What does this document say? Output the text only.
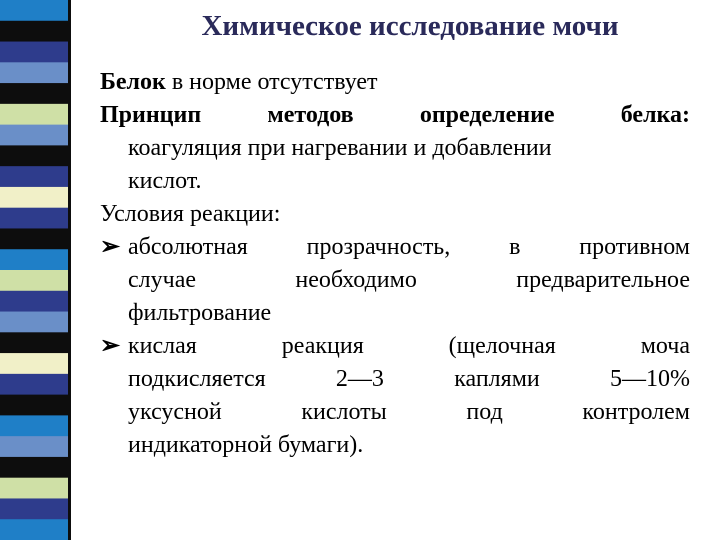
Химическое исследование мочи
Белок в норме отсутствует
Принцип методов определение белка:
коагуляция при нагревании и добавлении
кислот.
Условия реакции:
➢ абсолютная прозрачность, в противном
случае необходимо предварительное
фильтрование
➢ кислая реакция (щелочная моча
подкисляется 2—3 каплями 5—10%
уксусной кислоты под контролем
индикаторной бумаги).
